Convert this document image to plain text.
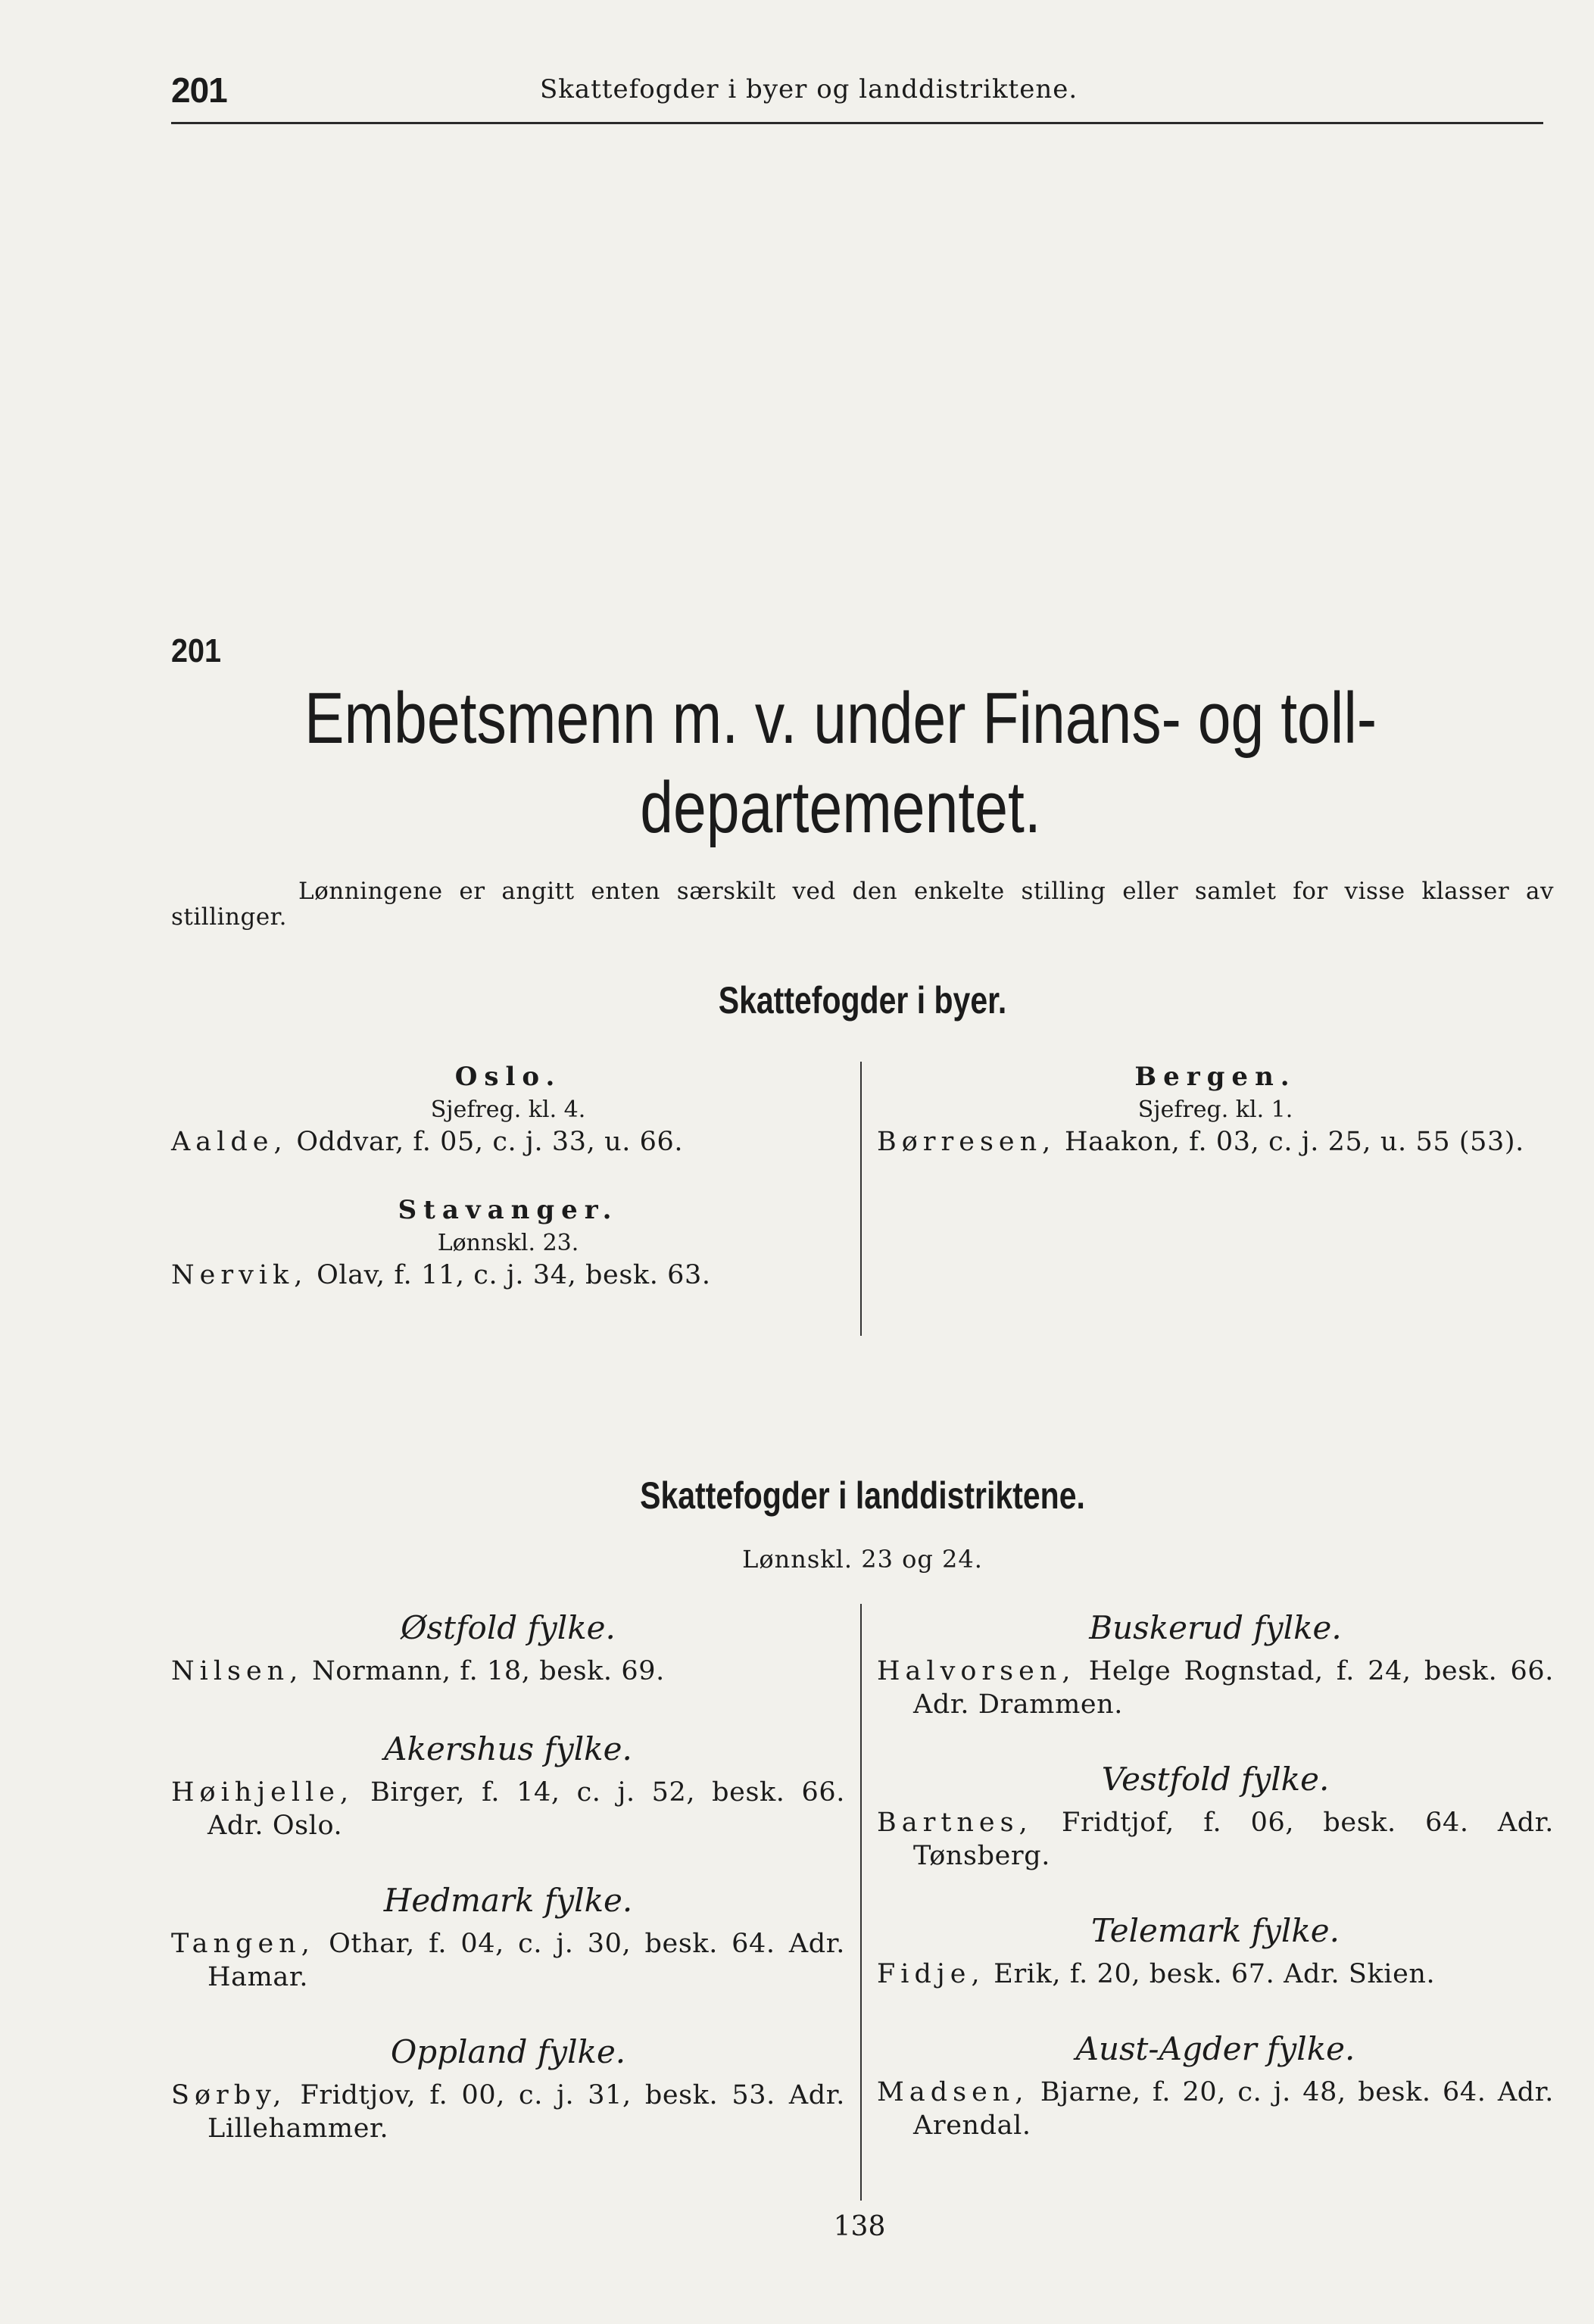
201	Skattefogder i byer og landdistriktene.
201
Embetsmenn m. v. under Finans- og toll-
departementet.
Lønningene er angitt enten særskilt ved den enkelte stilling eller samlet for visse klasser av stillinger.
Skattefogder i byer.

Oslo.

Sjefreg. kl. 4.

Aalde, Oddvar, f. 05, c. j. 33, u. 66.

Stavanger.

Lønnskl. 23.

Nervik, Olav, f. 11, c. j. 34, besk. 63.

Bergen.

Sjefreg. kl. 1.

Børresen, Haakon, f. 03, c. j. 25, u. 55 (53).

Skattefogder i landdistriktene.
Lønnskl. 23 og 24.

Østfold fylke.

Nilsen, Normann, f. 18, besk. 69.

Akershus fylke.

Høihjelle, Birger, f. 14, c. j. 52, besk. 66. Adr. Oslo.

Hedmark fylke.

Tangen, Othar, f. 04, c. j. 30, besk. 64. Adr. Hamar.

Oppland fylke.

Sørby, Fridtjov, f. 00, c. j. 31, besk. 53. Adr. Lillehammer.

Buskerud fylke.

Halvorsen, Helge Rognstad, f. 24, besk. 66. Adr. Drammen.

Vestfold fylke.

Bartnes, Fridtjof, f. 06, besk. 64. Adr. Tønsberg.

Telemark fylke.

Fidje, Erik, f. 20, besk. 67. Adr. Skien.

Aust-Agder fylke.

Madsen, Bjarne, f. 20, c. j. 48, besk. 64. Adr. Arendal.

138
